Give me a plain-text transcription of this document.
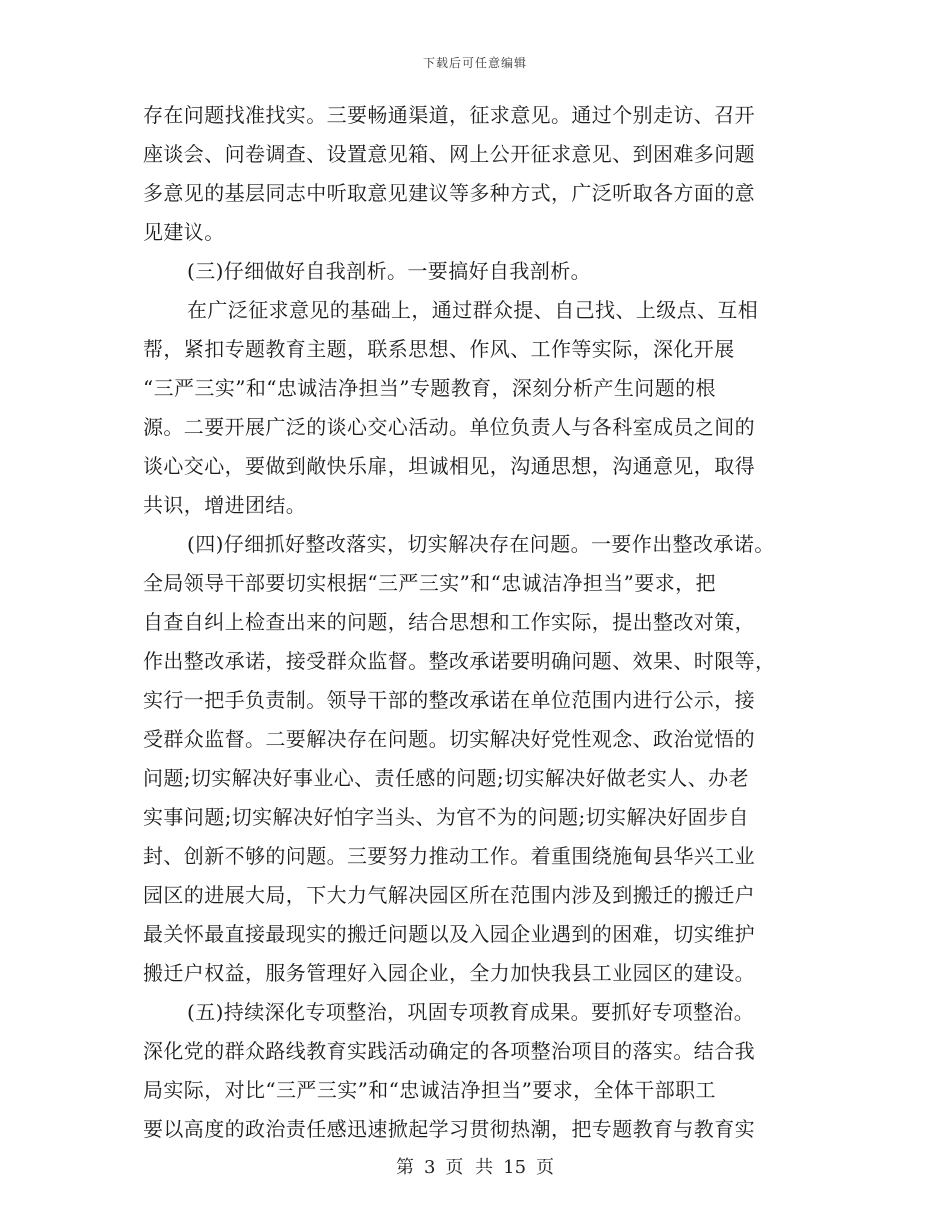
下载后可任意编辑
存在问题找准找实。三要畅通渠道，征求意见。通过个别走访、召开
座谈会、问卷调查、设置意见箱、网上公开征求意见、到困难多问题
多意见的基层同志中听取意见建议等多种方式，广泛听取各方面的意
见建议。
(三)仔细做好自我剖析。一要搞好自我剖析。
在广泛征求意见的基础上，通过群众提、自己找、上级点、互相
帮，紧扣专题教育主题，联系思想、作风、工作等实际，深化开展
“三严三实”和“忠诚洁净担当”专题教育，深刻分析产生问题的根
源。二要开展广泛的谈心交心活动。单位负责人与各科室成员之间的
谈心交心，要做到敞快乐扉，坦诚相见，沟通思想，沟通意见，取得
共识，增进团结。
(四)仔细抓好整改落实，切实解决存在问题。一要作出整改承诺。
全局领导干部要切实根据“三严三实”和“忠诚洁净担当”要求，把
自查自纠上检查出来的问题，结合思想和工作实际，提出整改对策，
作出整改承诺，接受群众监督。整改承诺要明确问题、效果、时限等，
实行一把手负责制。领导干部的整改承诺在单位范围内进行公示，接
受群众监督。二要解决存在问题。切实解决好党性观念、政治觉悟的
问题;切实解决好事业心、责任感的问题;切实解决好做老实人、办老
实事问题;切实解决好怕字当头、为官不为的问题;切实解决好固步自
封、创新不够的问题。三要努力推动工作。着重围绕施甸县华兴工业
园区的进展大局，下大力气解决园区所在范围内涉及到搬迁的搬迁户
最关怀最直接最现实的搬迁问题以及入园企业遇到的困难，切实维护
搬迁户权益，服务管理好入园企业，全力加快我县工业园区的建设。
(五)持续深化专项整治，巩固专项教育成果。要抓好专项整治。
深化党的群众路线教育实践活动确定的各项整治项目的落实。结合我
局实际，对比“三严三实”和“忠诚洁净担当”要求，全体干部职工
要以高度的政治责任感迅速掀起学习贯彻热潮，把专题教育与教育实
第 3 页 共 15 页
